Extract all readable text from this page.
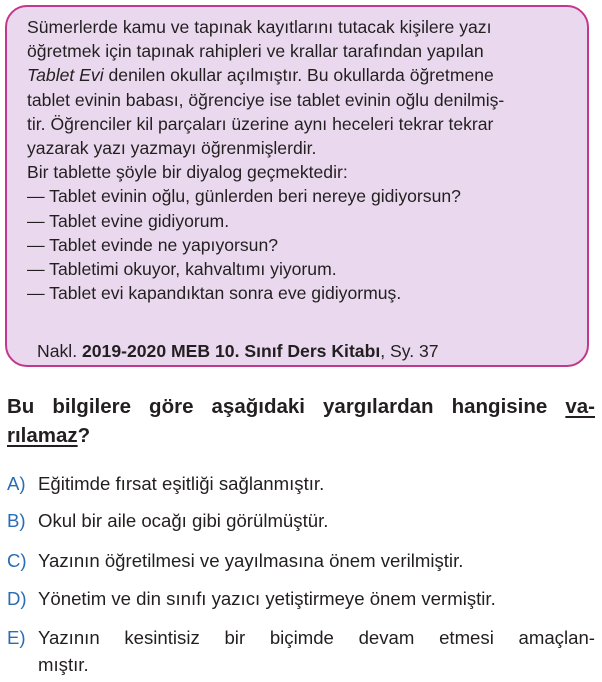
Sümerlerde kamu ve tapınak kayıtlarını tutacak kişilere yazı

öğretmek için tapınak rahipleri ve krallar tarafından yapılan

Tablet Evi denilen okullar açılmıştır. Bu okullarda öğretmene

tablet evinin babası, öğrenciye ise tablet evinin oğlu denilmiş-

tir. Öğrenciler kil parçaları üzerine aynı heceleri tekrar tekrar

yazarak yazı yazmayı öğrenmişlerdir.

Bir tablette şöyle bir diyalog geçmektedir:

— Tablet evinin oğlu, günlerden beri nereye gidiyorsun?

— Tablet evine gidiyorum.

— Tablet evinde ne yapıyorsun?

— Tabletimi okuyor, kahvaltımı yiyorum.

— Tablet evi kapandıktan sonra eve gidiyormuş.

Nakl. 2019-2020 MEB 10. Sınıf Ders Kitabı, Sy. 37
Bu bilgilere göre aşağıdaki yargılardan hangisine va-
rılamaz?
A) Eğitimde fırsat eşitliği sağlanmıştır.
B) Okul bir aile ocağı gibi görülmüştür.
C) Yazının öğretilmesi ve yayılmasına önem verilmiştir.
D) Yönetim ve din sınıfı yazıcı yetiştirmeye önem vermiştir.
E) Yazının kesintisiz bir biçimde devam etmesi amaçlan-
mıştır.
